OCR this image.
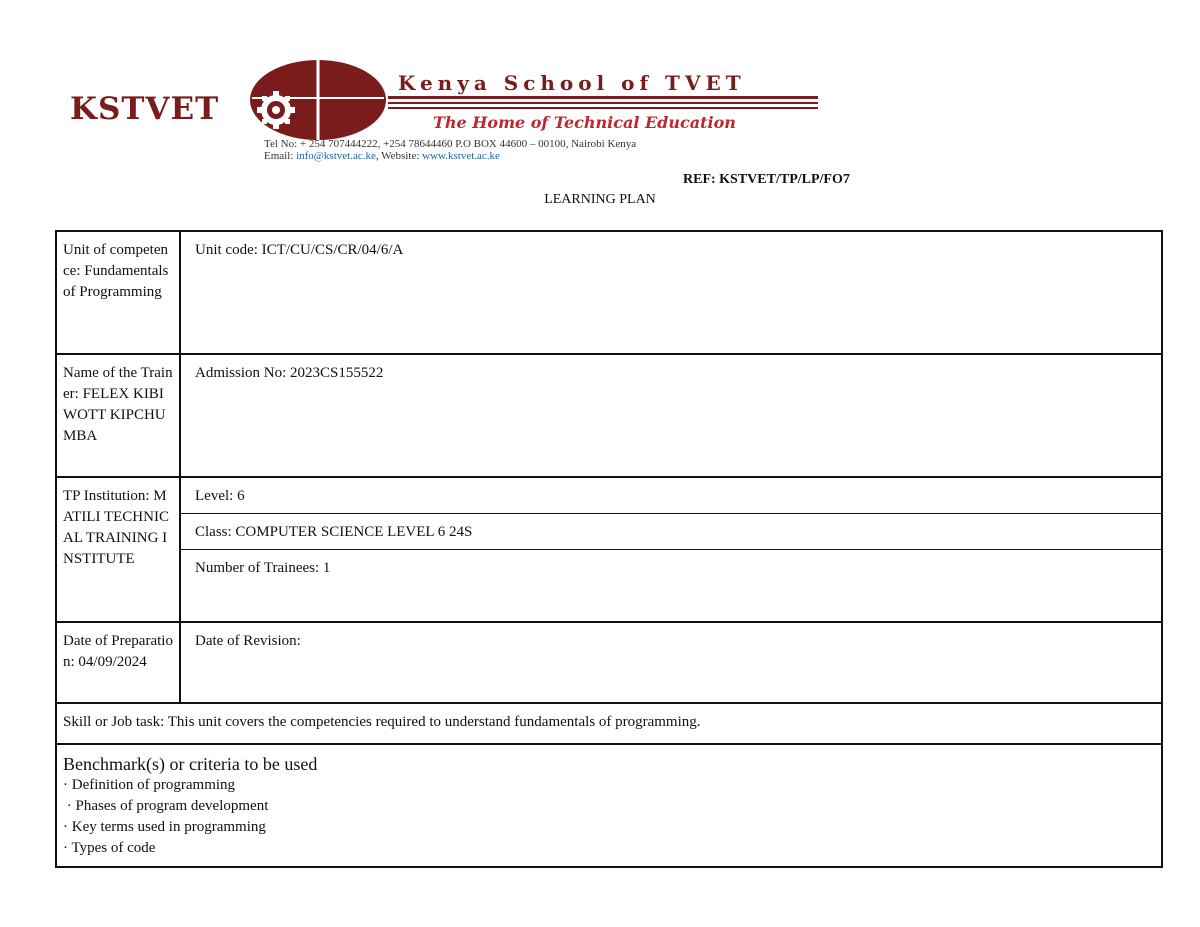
KSTVET
Kenya School of TVET
The Home of Technical Education
Tel No: + 254 707444222, +254 78644460 P.O BOX 44600 – 00100, Nairobi Kenya
Email: info@kstvet.ac.ke, Website: www.kstvet.ac.ke
REF: KSTVET/TP/LP/FO7
LEARNING PLAN
Unit of competence: Fundamentals of Programming
Unit code: ICT/CU/CS/CR/04/6/A
Name of the Trainer: FELEX KIBIWOTT KIPCHUMBA
Admission No: 2023CS155522
TP Institution: MATILI TECHNICAL TRAINING INSTITUTE
Level: 6
Class: COMPUTER SCIENCE LEVEL 6 24S
Number of Trainees: 1
Date of Preparation: 04/09/2024
Date of Revision:
Skill or Job task: This unit covers the competencies required to understand fundamentals of programming.
Benchmark(s) or criteria to be used
· Definition of programming
· Phases of program development
· Key terms used in programming
· Types of code
